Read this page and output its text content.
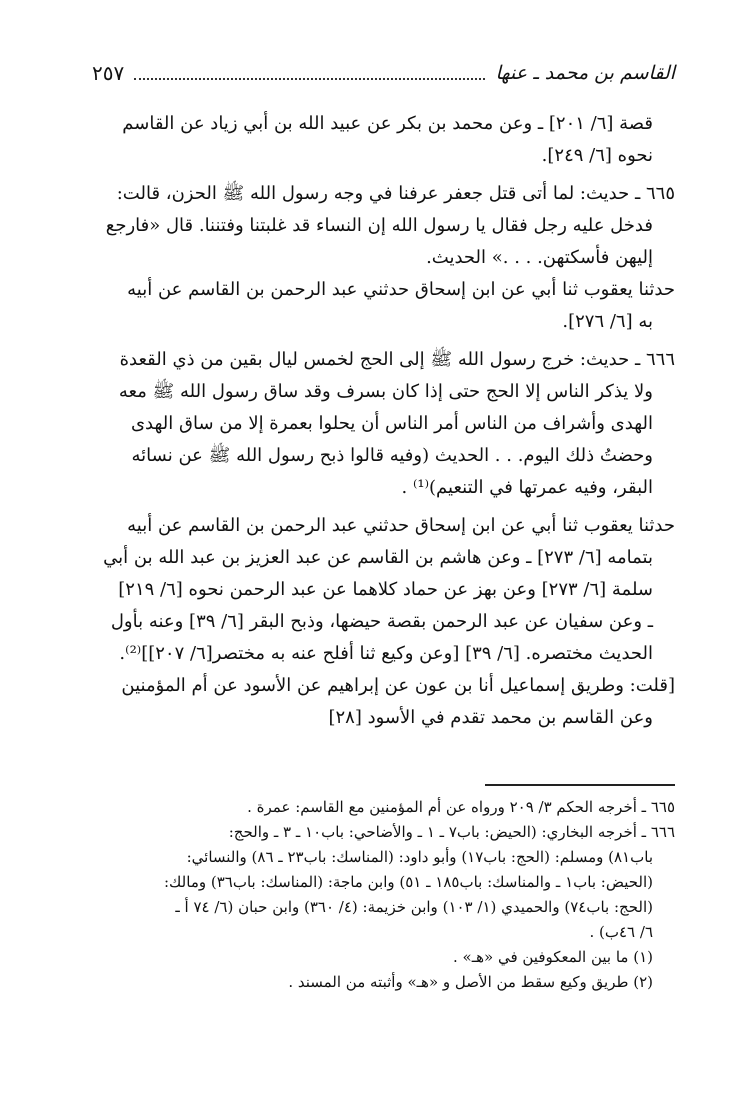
القاسم بن محمد ـ عنها
٢٥٧

قصة [٦/ ٢٠١] ـ وعن محمد بن بكر عن عبيد الله بن أبي زياد عن القاسم

نحوه [٦/ ٢٤٩].

٦٦٥ ـ حديث: لما أتى قتل جعفر عرفنا في وجه رسول الله ﷺ الحزن، قالت:

فدخل عليه رجل فقال يا رسول الله إن النساء قد غلبتنا وفتننا. قال «فارجع

إليهن فأسكتهن. . . .» الحديث.

حدثنا يعقوب ثنا أبي عن ابن إسحاق حدثني عبد الرحمن بن القاسم عن أبيه

به [٦/ ٢٧٦].

٦٦٦ ـ حديث: خرج رسول الله ﷺ إلى الحج لخمس ليال بقين من ذي القعدة

ولا يذكر الناس إلا الحج حتى إذا كان بسرف وقد ساق رسول الله ﷺ معه

الهدى وأشراف من الناس أمر الناس أن يحلوا بعمرة إلا من ساق الهدى

وحضتُ ذلك اليوم. . . الحديث (وفيه قالوا ذبح رسول الله ﷺ عن نسائه

البقر، وفيه عمرتها في التنعيم)⁽¹⁾ .

حدثنا يعقوب ثنا أبي عن ابن إسحاق حدثني عبد الرحمن بن القاسم عن أبيه

بتمامه [٦/ ٢٧٣] ـ وعن هاشم بن القاسم عن عبد العزيز بن عبد الله بن أبي

سلمة [٦/ ٢٧٣] وعن بهز عن حماد كلاهما عن عبد الرحمن نحوه [٦/ ٢١٩]

ـ وعن سفيان عن عبد الرحمن بقصة حيضها، وذبح البقر [٦/ ٣٩] وعنه بأول

الحديث مختصره. [٦/ ٣٩] [وعن وكيع ثنا أفلح عنه به مختصر[٦/ ٢٠٧]]⁽²⁾.

[قلت: وطريق إسماعيل أنا بن عون عن إبراهيم عن الأسود عن أم المؤمنين

وعن القاسم بن محمد تقدم في الأسود [٢٨]

٦٦٥ ـ أخرجه الحكم ٣/ ٢٠٩ ورواه عن أم المؤمنين مع القاسم: عمرة .

٦٦٦ ـ أخرجه البخاري: (الحيض: باب٧ ـ ١ ـ والأضاحي: باب١٠ ـ ٣ ـ والحج:

باب٨١) ومسلم: (الحج: باب١٧) وأبو داود: (المناسك: باب٢٣ ـ ٨٦) والنسائي:

(الحيض: باب١ ـ والمناسك: باب١٨٥ ـ ٥١) وابن ماجة: (المناسك: باب٣٦) ومالك:

(الحج: باب٧٤) والحميدي (١/ ١٠٣) وابن خزيمة: (٤/ ٣٦٠) وابن حبان (٦/ ٧٤ أ ـ

٦/ ٤٦ب) .

(١) ما بين المعكوفين في «هـ» .

(٢) طريق وكيع سقط من الأصل و «هـ» وأثبته من المسند .
